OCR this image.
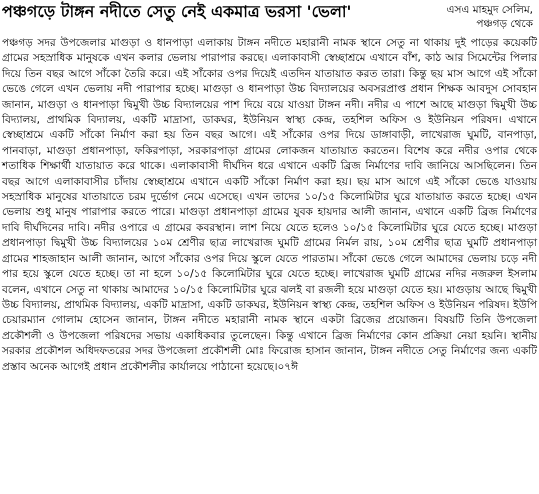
পঞ্চগড়ে টাঙ্গন নদীতে সেতু নেই একমাত্র ভরসা 'ভেলা'	এসএ মাহমুদ সেলিম,
পঞ্চগড় থেকে

পঞ্চগড় সদর উপজেলার মাগুড়া ও ধানপাড়া এলাকায় টাঙ্গন নদীতে মহারানী নামক স্থানে সেতু না থাকায় দুই পাড়ের কয়েকটি গ্রামের সহস্রাধিক মানুষকে এখন কলার ভেলায় পারাপার করছে। এলাকাবাসী স্বেচ্ছাশ্রমে এখানে বাঁশ, কাঠ আর সিমেন্টের পিলার দিয়ে তিন বছর আগে সাঁকো তৈরি করে। এই সাঁকোর ওপর দিয়েই এতদিন যাতায়াত করত তারা। কিন্তু ছয় মাস আগে এই সাঁকো ভেঙে গেলে এখন ভেলায় নদী পারাপার হচ্ছে। মাগুড়া ও ধানপাড়া উচ্চ বিদ্যালয়ের অবসরপ্রাপ্ত প্রধান শিক্ষক আবদুস সোবহান জানান, মাগুড়া ও ধানপাড়া দ্বিমুখী উচ্চ বিদ্যালয়ের পাশ দিয়ে বয়ে যাওয়া টাঙ্গন নদী। নদীর এ পাশে আছে মাগুড়া দ্বিমুখী উচ্চ বিদ্যালয়, প্রাথমিক বিদ্যালয়, একটি মাদ্রাসা, ডাকঘর, ইউনিয়ন স্বাস্থ্য কেন্দ্র, তহশিল অফিস ও ইউনিয়ন পরিষদ। এখানে স্বেচ্ছাশ্রমে একটি সাঁকো নির্মাণ করা হয় তিন বছর আগে। এই সাঁকোর ওপর দিয়ে ডাঙ্গাবাড়ী, লাখেরাজ ঘুমটি, বানপাড়া, পানবাড়া, মাগুড়া প্রধানপাড়া, ফকিরপাড়া, সরকারপাড়া গ্রামের লোকজন যাতায়াত করতেন। বিশেষ করে নদীর ওপার থেকে শতাধিক শিক্ষার্থী যাতায়াত করে থাকে। এলাকাবাসী দীর্ঘদিন ধরে এখানে একটি ব্রিজ নির্মাণের দাবি জানিয়ে আসছিলেন। তিন বছর আগে এলাকাবাসীর চাঁদায় স্বেচ্ছাশ্রমে এখানে একটি সাঁকো নির্মাণ করা হয়। ছয় মাস আগে এই সাঁকো ভেঙে যাওয়ায় সহস্রাধিক মানুষের যাতায়াতে চরম দুর্ভোগ নেমে এসেছে। এখন তাদের ১০/১৫ কিলোমিটার ঘুরে যাতায়াত করতে হচ্ছে। এখন ভেলায় শুধু মানুষ পারাপার করতে পারে। মাগুড়া প্রধানপাড়া গ্রামের যুবক হায়দার আলী জানান, এখানে একটি ব্রিজ নির্মাণের দাবি দীর্ঘদিনের দাবি। নদীর ওপারে এ গ্রামের কবরস্থান। লাশ নিয়ে যেতে হলেও ১০/১৫ কিলোমিটার ঘুরে যেতে হচ্ছে। মাগুড়া প্রধানপাড়া দ্বিমুখী উচ্চ বিদ্যালয়ের ১০ম শ্রেণীর ছাত্র লাখেরাজ ঘুমটি গ্রামের নির্মল রায়, ১০ম শ্রেণীর ছাত্র ঘুমটি প্রধানপাড়া গ্রামের শাহজাহান আলী জানান, আগে সাঁকোর ওপর দিয়ে স্কুলে যেতে পারতাম। সাঁকো ভেঙে গেলে আমাদের ভেলায় চড়ে নদী পার হয়ে স্কুলে যেতে হচ্ছে। তা না হলে ১০/১৫ কিলোমিটার ঘুরে যেতে হচ্ছে। লাখেরাজ ঘুমটি গ্রামের নদির নজরুল ইসলাম বলেন, এখানে সেতু না থাকায় আমাদের ১০/১৫ কিলোমিটার ঘুরে ঝলই বা রজলী হয়ে মাগুড়া যেতে হয়। মাগুড়ায় আছে দ্বিমুখী উচ্চ বিদ্যালয়, প্রাথমিক বিদ্যালয়, একটি মাদ্রাসা, একটি ডাকঘর, ইউনিয়ন স্বাস্থ্য কেন্দ্র, তহশিল অফিস ও ইউনিয়ন পরিষদ। ইউপি চেয়ারম্যান গোলাম হোসেন জানান, টাঙ্গন নদীতে মহারানী নামক স্থানে একটা ব্রিজের প্রয়োজন। বিষয়টি তিনি উপজেলা প্রকৌশলী ও উপজেলা পরিষদের সভায় একাধিকবার তুলেছেন। কিন্তু এখানে ব্রিজ নির্মাণের কোন প্রক্রিয়া নেয়া হয়নি। স্থানীয় সরকার প্রকৌশল অধিদফতরের সদর উপজেলা প্রকৌশলী মোঃ ফিরোজ হাসান জানান, টাঙ্গন নদীতে সেতু নির্মাণের জন্য একটি প্রস্তাব অনেক আগেই প্রধান প্রকৌশলীর কার্যালয়ে পাঠানো হয়েছে।০৭ঈ
